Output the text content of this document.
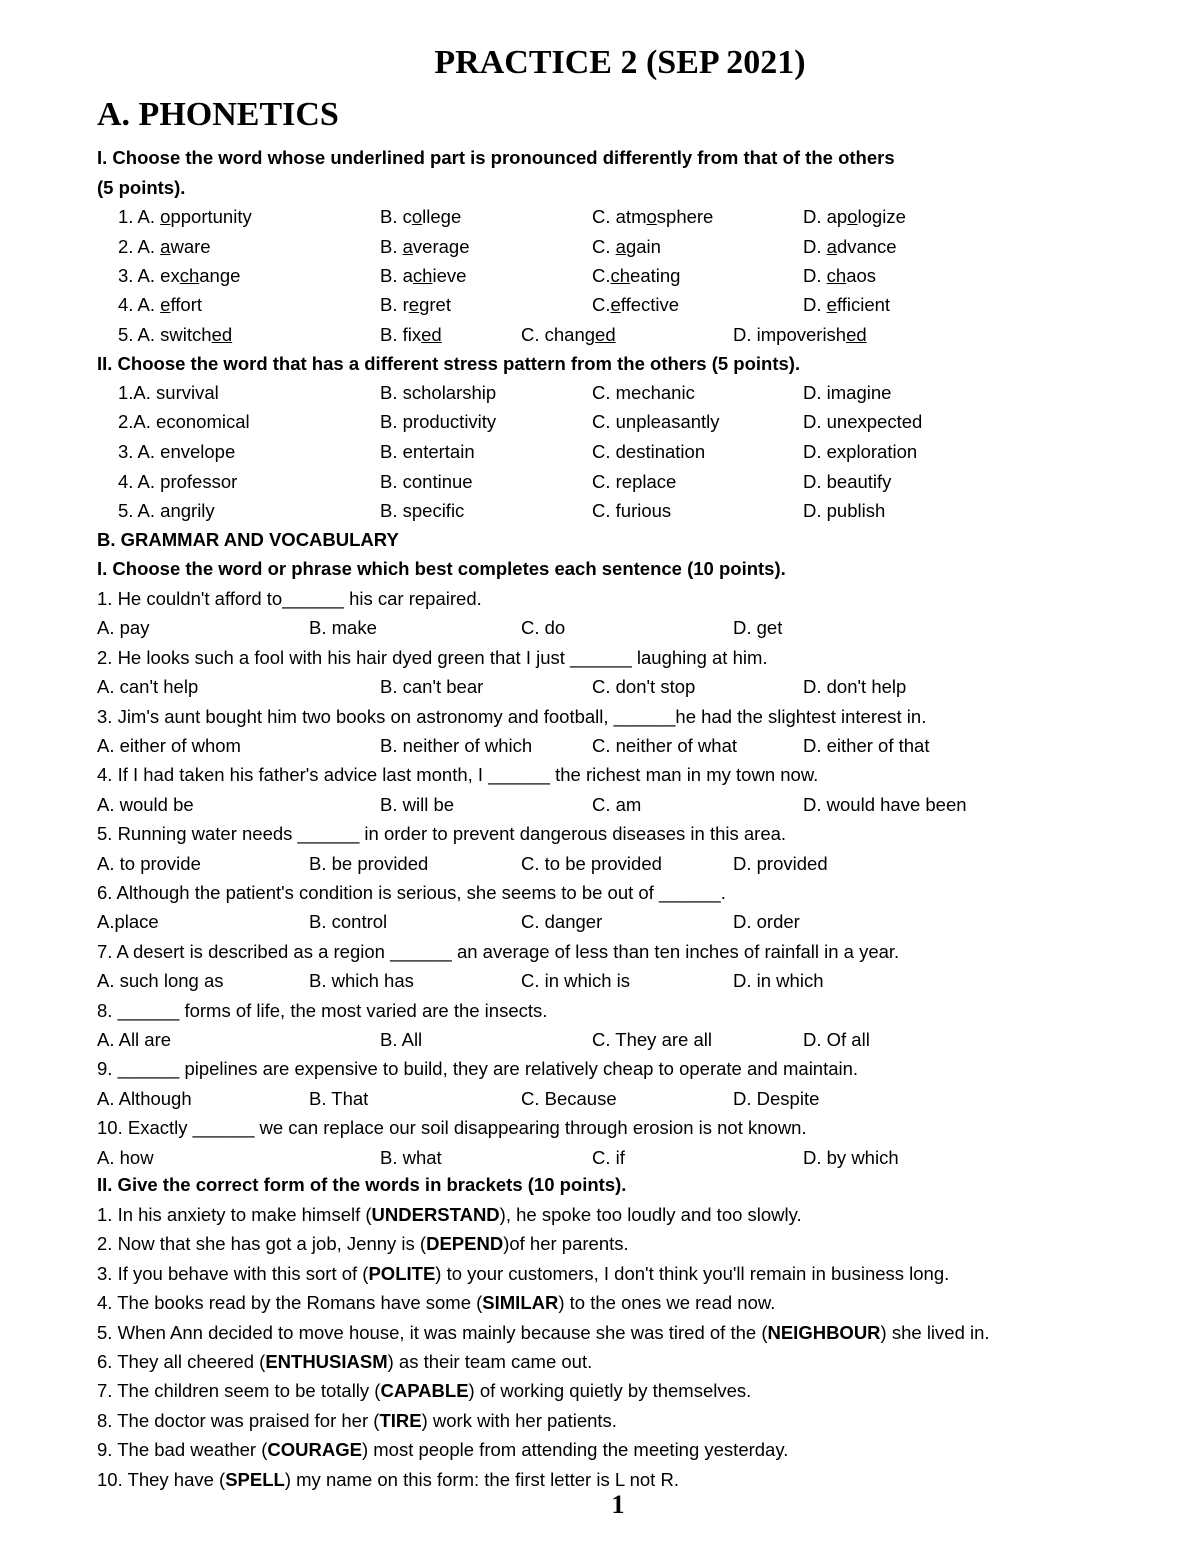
PRACTICE 2 (SEP 2021)
A. PHONETICS
I. Choose the word whose underlined part is pronounced differently from that of the others
(5 points).
1. A. opportunity	B. college	C. atmosphere	D. apologize
2. A. aware	B. average	C. again	D. advance
3. A. exchange	B. achieve	C.cheating	D. chaos
4. A. effort	B. regret	C.effective	D. efficient
5. A. switched	B. fixed	C. changed	D. impoverished
II. Choose the word that has a different stress pattern from the others (5 points).
1.A. survival	B. scholarship	C. mechanic	D. imagine
2.A. economical	B. productivity	C. unpleasantly	D. unexpected
3. A. envelope	B. entertain	C. destination	D. exploration
4. A. professor	B. continue	C. replace	D. beautify
5. A. angrily	B. specific	C. furious	D. publish
B. GRAMMAR AND VOCABULARY
I. Choose the word or phrase which best completes each sentence (10 points).
1. He couldn't afford to______ his car repaired.
A. pay	B. make	C. do	D. get
2. He looks such a fool with his hair dyed green that I just ______ laughing at him.
A. can't help	B. can't bear	C. don't stop	D. don't help
3. Jim's aunt bought him two books on astronomy and football, ______he had the slightest interest in.
A. either of whom	B. neither of which	C. neither of what	D. either of that
4. If I had taken his father's advice last month, I ______ the richest man in my town now.
A. would be	B. will be	C. am	D. would have been
5. Running water needs ______ in order to prevent dangerous diseases in this area.
A. to provide	B. be provided	C. to be provided	D. provided
6. Although the patient's condition is serious, she seems to be out of ______.
A.place	B. control	C. danger	D. order
7. A desert is described as a region ______ an average of less than ten inches of rainfall in a year.
A. such long as	B. which has	C. in which is	D. in which
8. ______ forms of life, the most varied are the insects.
A. All are	B. All	C. They are all	D. Of all
9. ______ pipelines are expensive to build, they are relatively cheap to operate and maintain.
A. Although	B. That	C. Because	D. Despite
10. Exactly ______ we can replace our soil disappearing through erosion is not known.
A. how	B. what	C. if	D. by which
II. Give the correct form of the words in brackets (10 points).
1. In his anxiety to make himself (UNDERSTAND), he spoke too loudly and too slowly.
2. Now that she has got a job, Jenny is (DEPEND)of her parents.
3. If you behave with this sort of (POLITE) to your customers, I don't think you'll remain in business long.
4. The books read by the Romans have some (SIMILAR) to the ones we read now.
5. When Ann decided to move house, it was mainly because she was tired of the (NEIGHBOUR) she lived in.
6. They all cheered (ENTHUSIASM) as their team came out.
7. The children seem to be totally (CAPABLE) of working quietly by themselves.
8. The doctor was praised for her (TIRE) work with her patients.
9. The bad weather (COURAGE) most people from attending the meeting yesterday.
10. They have (SPELL) my name on this form: the first letter is L not R.
1
